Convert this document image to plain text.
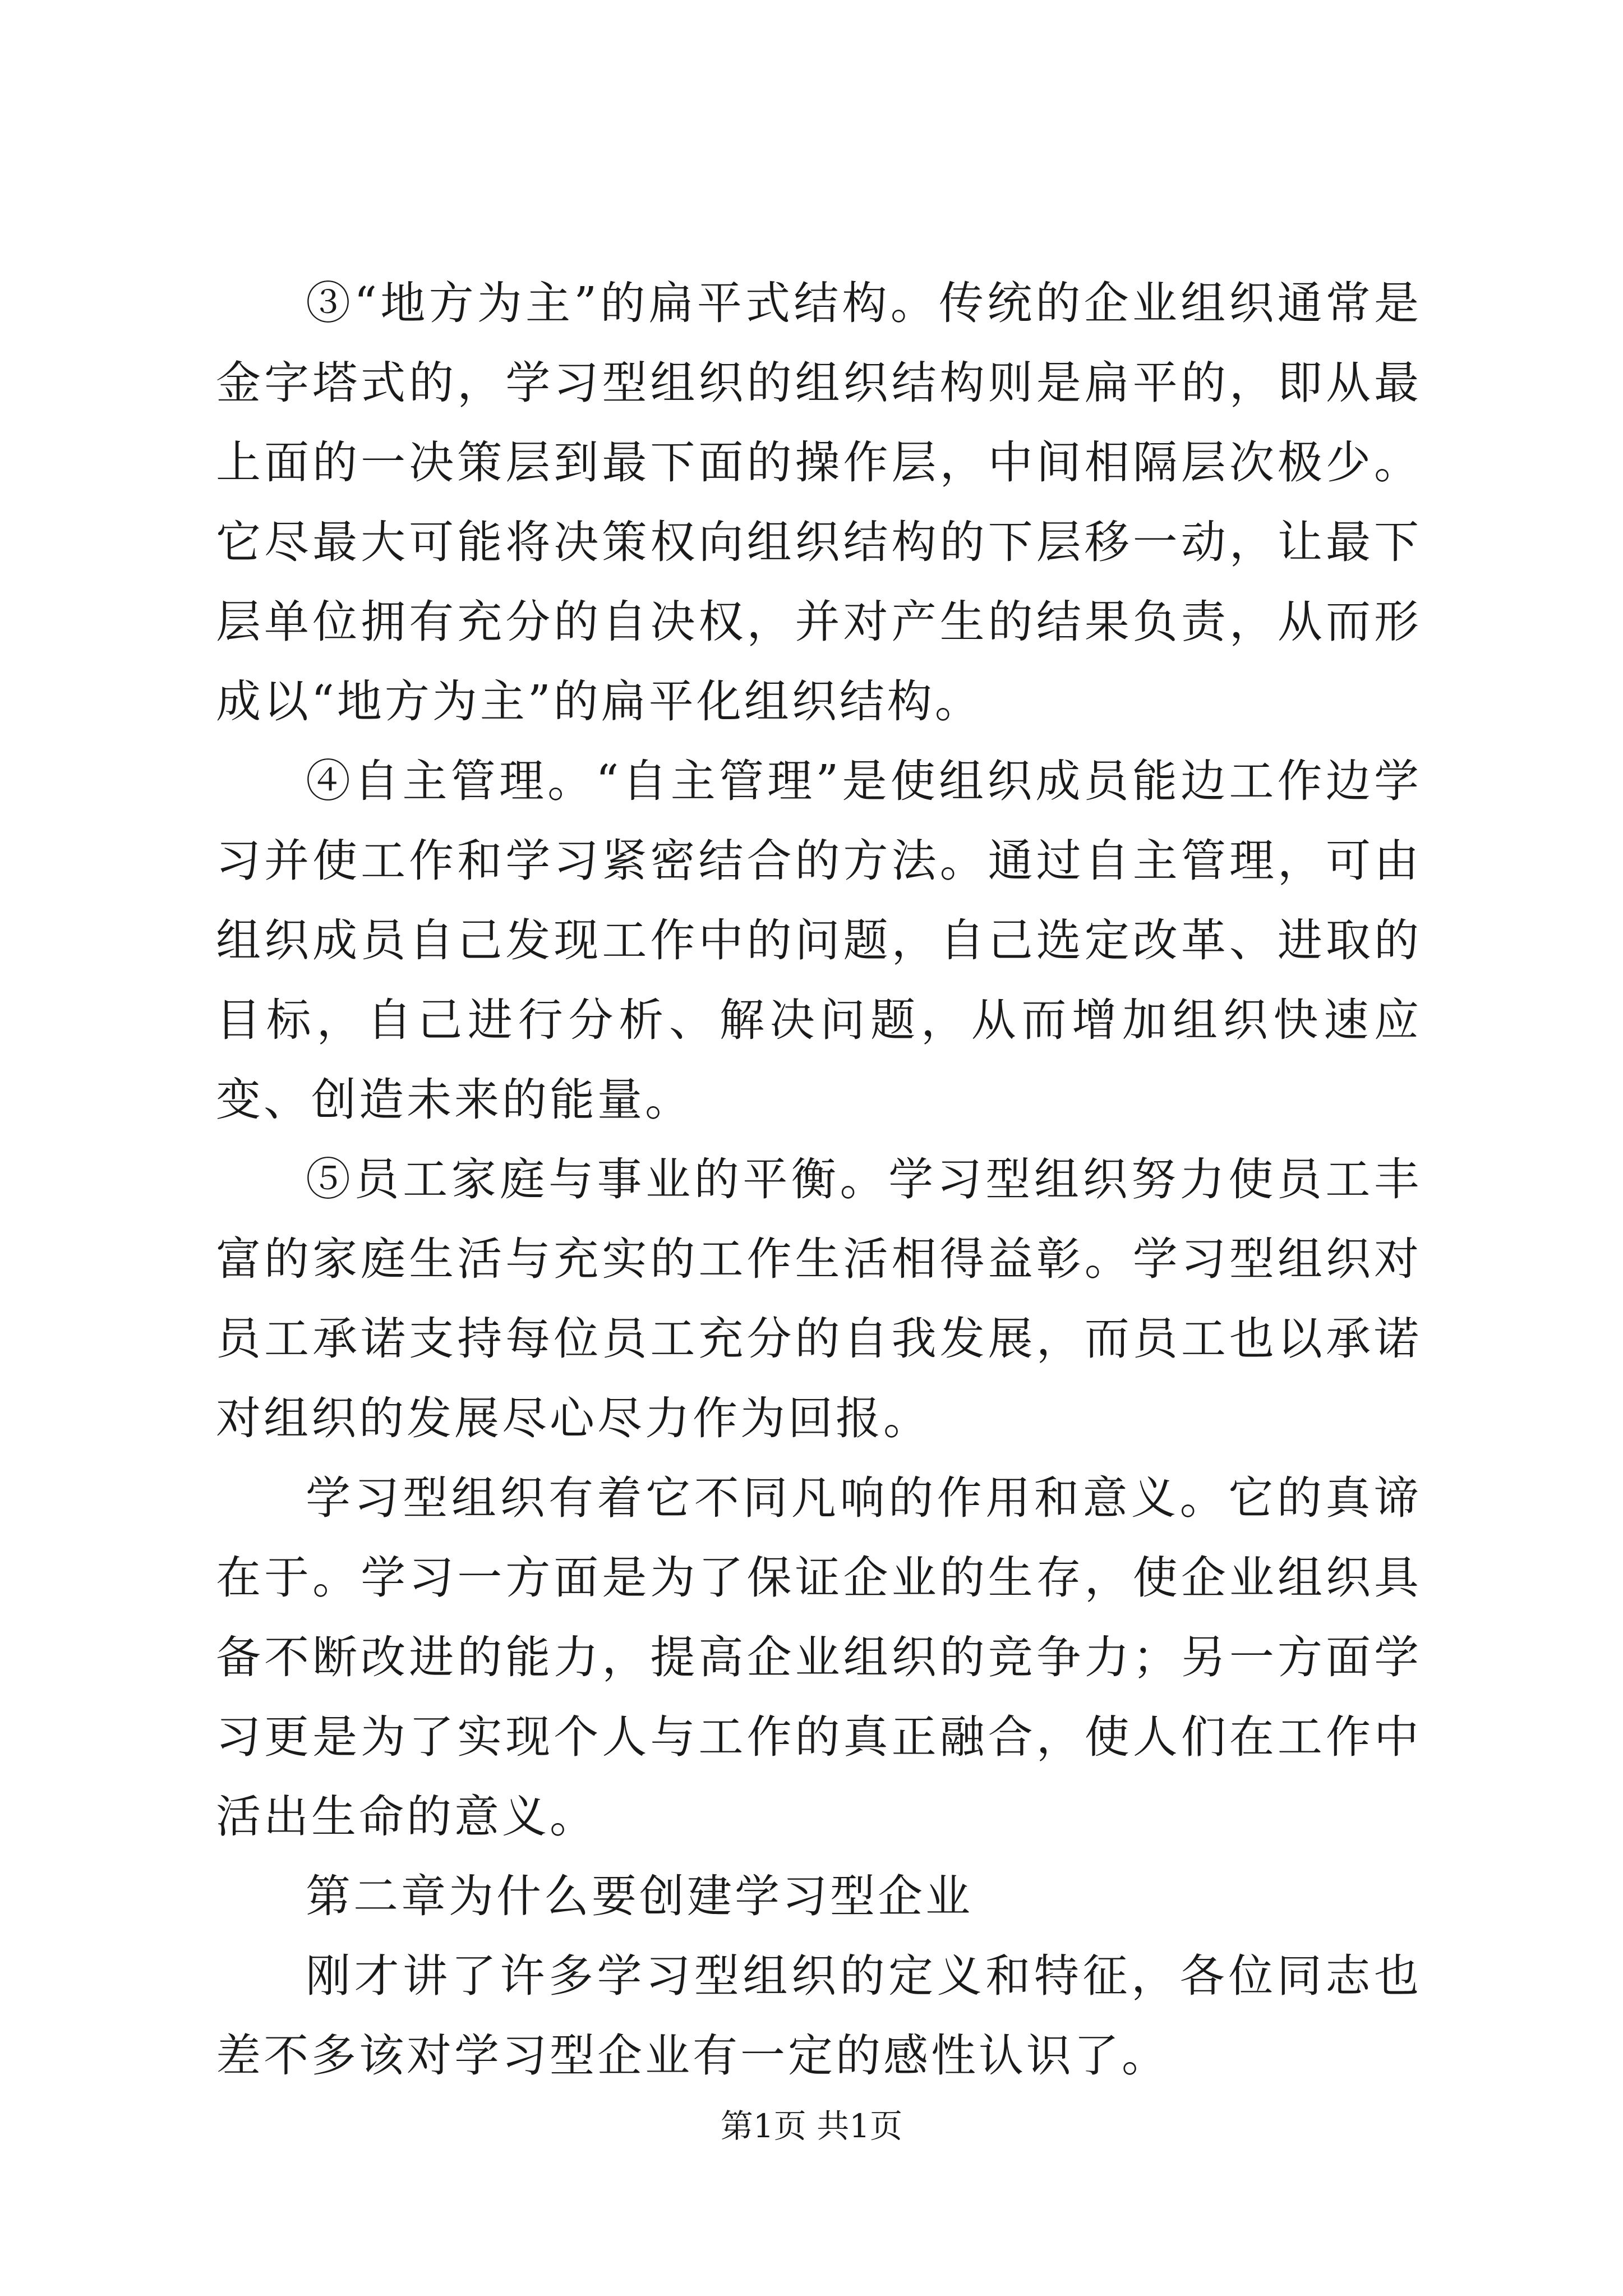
③“地方为主”的扁平式结构。传统的企业组织通常是金字塔式的，学习型组织的组织结构则是扁平的，即从最上面的一决策层到最下面的操作层，中间相隔层次极少。它尽最大可能将决策权向组织结构的下层移一动，让最下层单位拥有充分的自决权，并对产生的结果负责，从而形成以“地方为主”的扁平化组织结构。

④自主管理。“自主管理”是使组织成员能边工作边学习并使工作和学习紧密结合的方法。通过自主管理，可由组织成员自己发现工作中的问题，自己选定改革、进取的目标，自己进行分析、解决问题，从而增加组织快速应变、创造未来的能量。

⑤员工家庭与事业的平衡。学习型组织努力使员工丰富的家庭生活与充实的工作生活相得益彰。学习型组织对员工承诺支持每位员工充分的自我发展，而员工也以承诺对组织的发展尽心尽力作为回报。

学习型组织有着它不同凡响的作用和意义。它的真谛在于。学习一方面是为了保证企业的生存，使企业组织具备不断改进的能力，提高企业组织的竞争力；另一方面学习更是为了实现个人与工作的真正融合，使人们在工作中活出生命的意义。

第二章为什么要创建学习型企业

刚才讲了许多学习型组织的定义和特征，各位同志也差不多该对学习型企业有一定的感性认识了。

第1页 共1页
